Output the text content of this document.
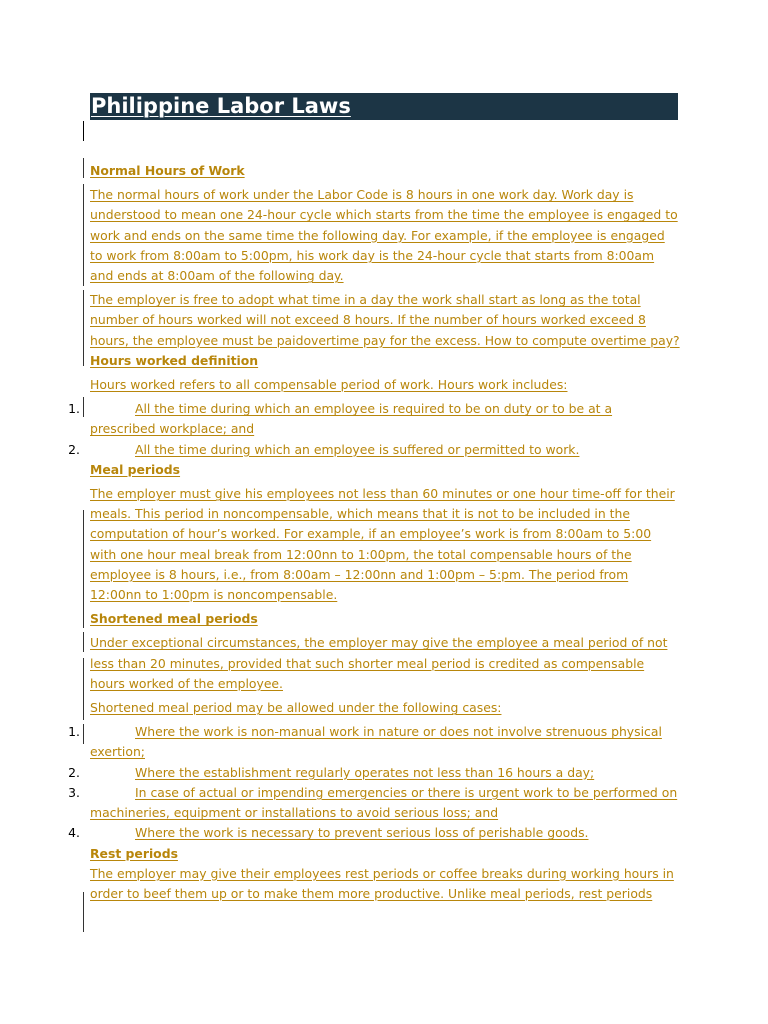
Philippine Labor Laws
Normal Hours of Work

The normal hours of work under the Labor Code is 8 hours in one work day. Work day is understood to mean one 24-hour cycle which starts from the time the employee is engaged to work and ends on the same time the following day. For example, if the employee is engaged to work from 8:00am to 5:00pm, his work day is the 24-hour cycle that starts from 8:00am and ends at 8:00am of the following day.

The employer is free to adopt what time in a day the work shall start as long as the total number of hours worked will not exceed 8 hours. If the number of hours worked exceed 8 hours, the employee must be paidovertime pay for the excess. How to compute overtime pay?

Hours worked definition

Hours worked refers to all compensable period of work. Hours work includes:

1.	All the time during which an employee is required to be on duty or to be at a prescribed workplace; and
2.	All the time during which an employee is suffered or permitted to work.
Meal periods

The employer must give his employees not less than 60 minutes or one hour time-off for their meals. This period in noncompensable, which means that it is not to be included in the computation of hour’s worked. For example, if an employee’s work is from 8:00am to 5:00 with one hour meal break from 12:00nn to 1:00pm, the total compensable hours of the employee is 8 hours, i.e., from 8:00am – 12:00nn and 1:00pm – 5:pm. The period from 12:00nn to 1:00pm is noncompensable.

Shortened meal periods

Under exceptional circumstances, the employer may give the employee a meal period of not less than 20 minutes, provided that such shorter meal period is credited as compensable hours worked of the employee.

Shortened meal period may be allowed under the following cases:

1.	Where the work is non-manual work in nature or does not involve strenuous physical exertion;
2.	Where the establishment regularly operates not less than 16 hours a day;
3.	In case of actual or impending emergencies or there is urgent work to be performed on machineries, equipment or installations to avoid serious loss; and
4.	Where the work is necessary to prevent serious loss of perishable goods.
Rest periods

The employer may give their employees rest periods or coffee breaks during working hours in order to beef them up or to make them more productive. Unlike meal periods, rest periods
